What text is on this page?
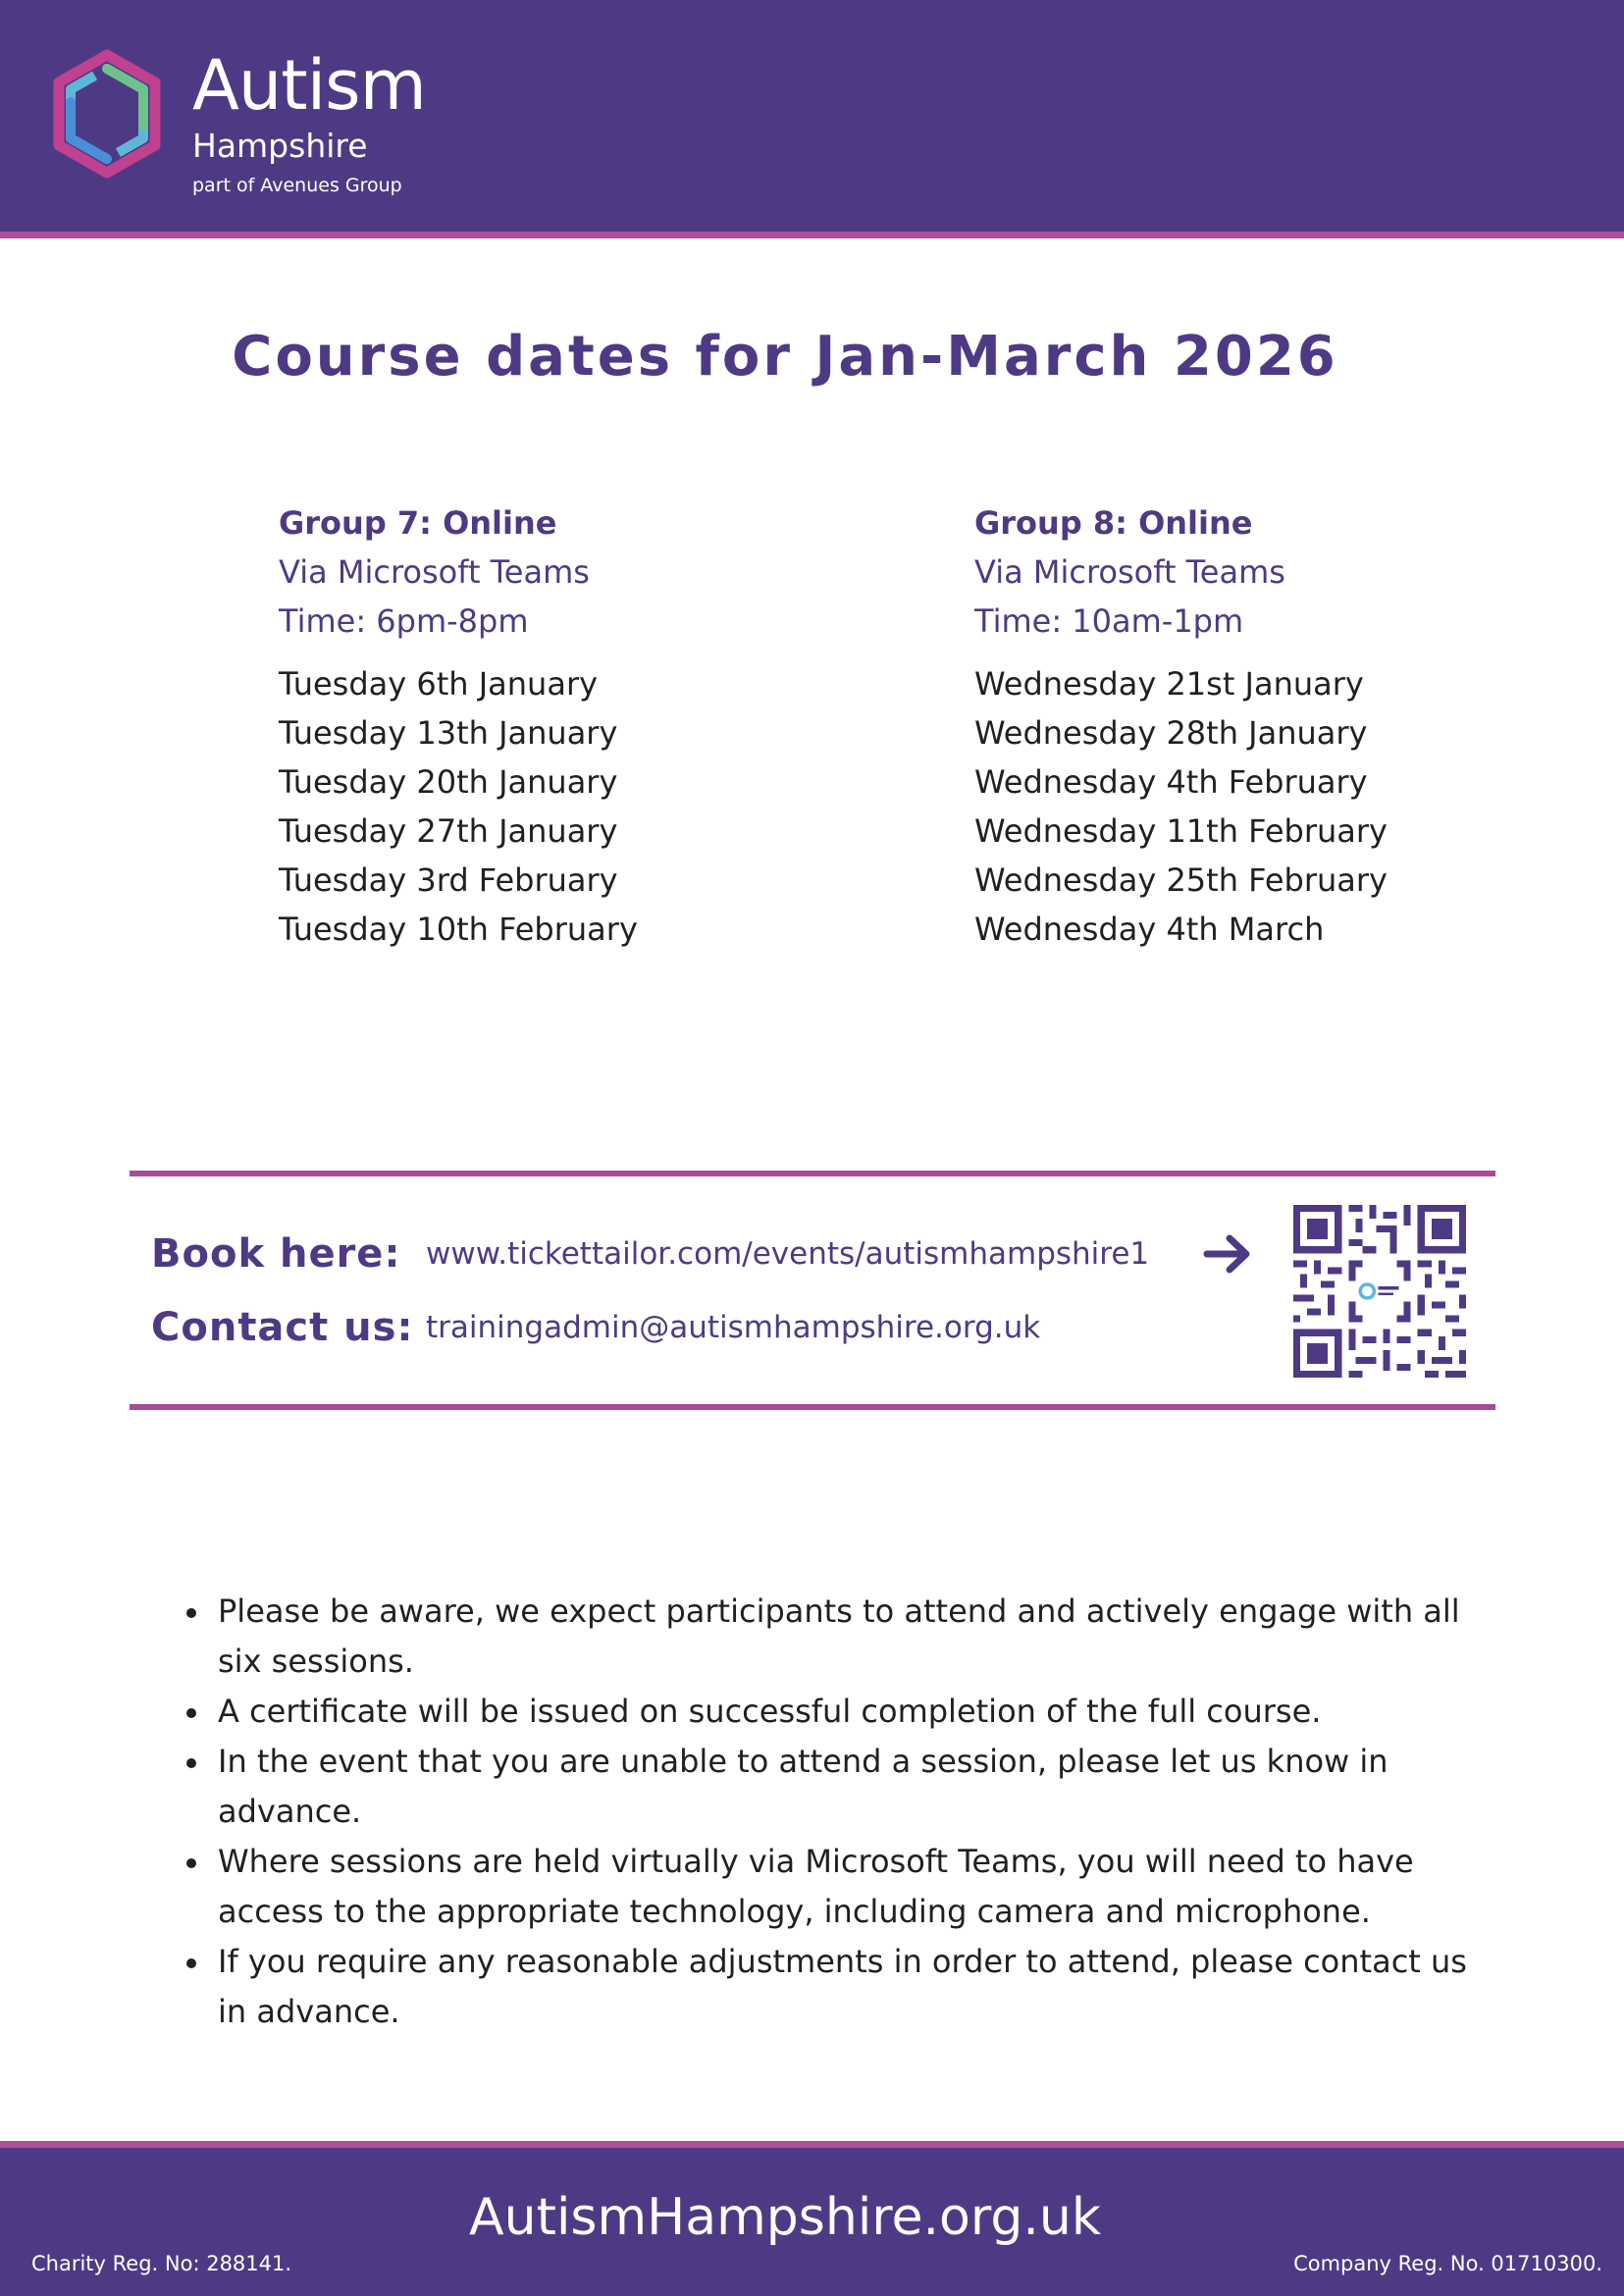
Autism
Hampshire
part of Avenues Group
Course dates for Jan-March 2026
Group 7: Online
Via Microsoft Teams
Time: 6pm-8pm
Tuesday 6th January
Tuesday 13th January
Tuesday 20th January
Tuesday 27th January
Tuesday 3rd February
Tuesday 10th February
Group 8: Online
Via Microsoft Teams
Time: 10am-1pm
Wednesday 21st January
Wednesday 28th January
Wednesday 4th February
Wednesday 11th February
Wednesday 25th February
Wednesday 4th March
Book here: www.tickettailor.com/events/autismhampshire1
Contact us: trainingadmin@autismhampshire.org.uk
Please be aware, we expect participants to attend and actively engage with all six sessions.
A certificate will be issued on successful completion of the full course.
In the event that you are unable to attend a session, please let us know in advance.
Where sessions are held virtually via Microsoft Teams, you will need to have access to the appropriate technology, including camera and microphone.
If you require any reasonable adjustments in order to attend, please contact us in advance.
AutismHampshire.org.uk
Charity Reg. No: 288141.	Company Reg. No. 01710300.
